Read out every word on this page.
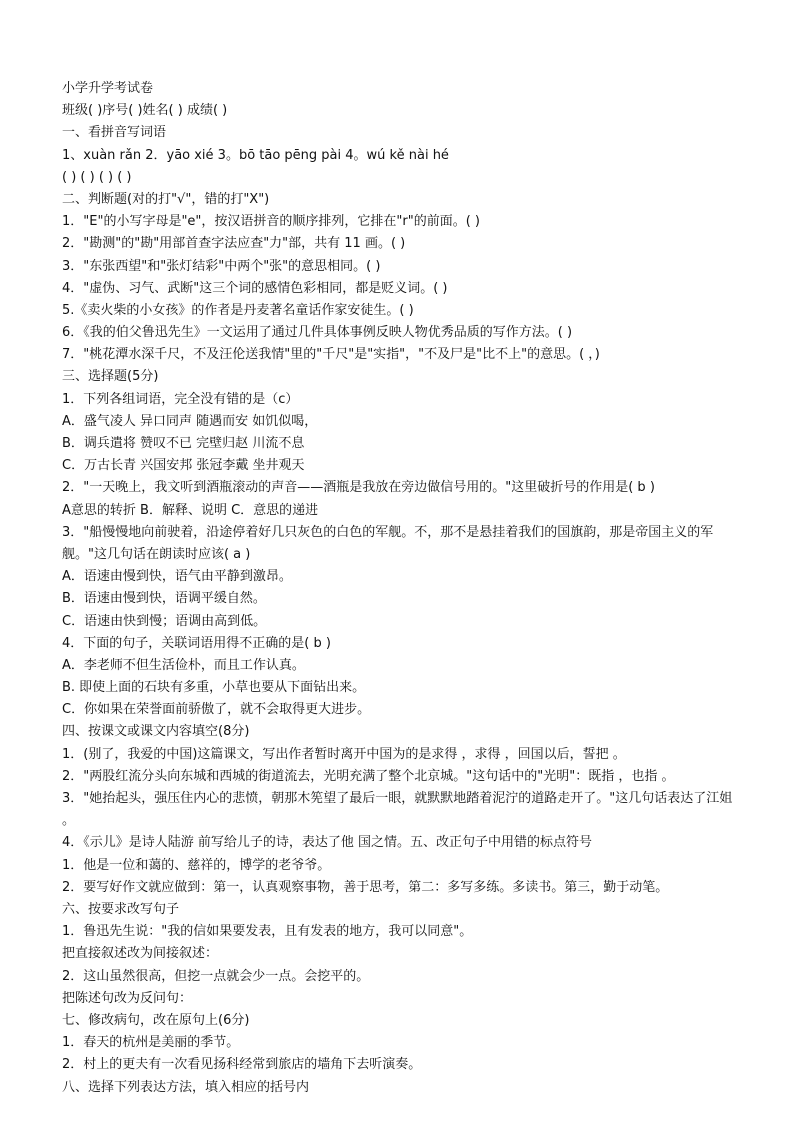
小学升学考试卷
班级( )序号( )姓名( ) 成绩( )
一、看拼音写词语
1、xuàn rǎn 2．yāo xié 3。bō tāo pēng pài 4。wú kě nài hé
( ) ( ) ( ) ( )
二、判断题(对的打"√"，错的打"X")
1．"E"的小写字母是"e"，按汉语拼音的顺序排列，它排在"r"的前面。( )
2．"勘测"的"勘"用部首查字法应查"力"部，共有 11 画。( )
3．"东张西望"和"张灯结彩"中两个"张"的意思相同。( )
4．"虚伪、习气、武断"这三个词的感情色彩相同，都是贬义词。( )
5.《卖火柴的小女孩》的作者是丹麦著名童话作家安徒生。( )
6．《我的伯父鲁迅先生》一文运用了通过几件具体事例反映人物优秀品质的写作方法。( )
7．"桃花潭水深千尺，不及汪伦送我情"里的"千尺"是"实指"，"不及尸是"比不上"的意思。( ，)
三、选择题(5分)
1．下列各组词语，完全没有错的是（c）
A．盛气凌人 异口同声 随遇而安 如饥似喝，
B．调兵遣将 赞叹不已 完壁归赵 川流不息
C．万古长青 兴国安邦 张冠李戴 坐井观天
2．"一天晚上，我文听到酒瓶滚动的声音——酒瓶是我放在旁边做信号用的。"这里破折号的作用是( b )
A意思的转折 B．解释、说明 C．意思的递进
3．"船慢慢地向前驶着，沿途停着好几只灰色的白色的军舰。不，那不是悬挂着我们的国旗韵，那是帝国主义的军舰。"这几句话在朗读时应该( a )
A．语速由慢到快，语气由平静到激昂。
B．语速由慢到快，语调平缓自然。
C．语速由快到慢；语调由高到低。
4．下面的句子，关联词语用得不正确的是( b )
A．李老师不但生活俭朴，而且工作认真。
B. 即使上面的石块有多重，小草也要从下面钻出来。
C．你如果在荣誉面前骄傲了，就不会取得更大进步。
四、按课文或课文内容填空(8分)
1．(别了，我爱的中国)这篇课文，写出作者暂时离开中国为的是求得 ，求得 ，回国以后，誓把 。
2．"两股红流分头向东城和西城的街道流去，光明充满了整个北京城。"这句话中的"光明"：既指 ，也指 。
3．"她抬起头，强压住内心的悲愤，朝那木筅望了最后一眼，就默默地踏着泥泞的道路走开了。"这几句话表达了江姐 。
4．《示儿》是诗人陆游 前写给儿子的诗，表达了他 国之情。五、改正句子中用错的标点符号
1．他是一位和蔼的、慈祥的，博学的老爷爷。
2．要写好作文就应做到：第一，认真观察事物，善于思考，第二：多写多练。多读书。第三，勤于动笔。
六、按要求改写句子
1．鲁迅先生说："我的信如果要发表，且有发表的地方，我可以同意"。
把直接叙述改为间接叙述：
2．这山虽然很高，但挖一点就会少一点。会挖平的。
把陈述句改为反问句：
七、修改病句，改在原句上(6分)
1．春天的杭州是美丽的季节。
2．村上的更夫有一次看见扬科经常到旅店的墙角下去听演奏。
八、选择下列表达方法，填入相应的括号内
